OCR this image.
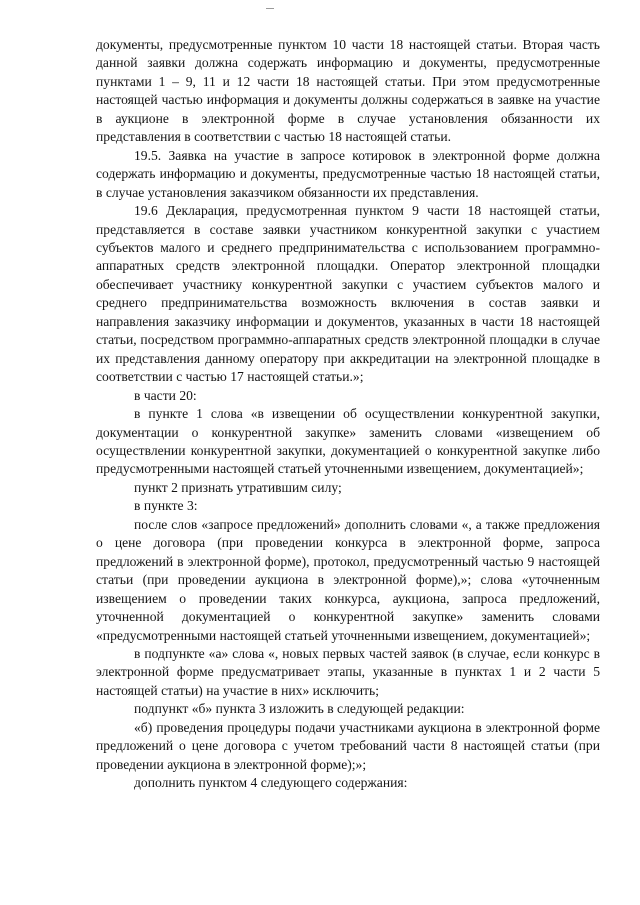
документы, предусмотренные пунктом 10 части 18 настоящей статьи. Вторая часть данной заявки должна содержать информацию и документы, предусмотренные пунктами 1 – 9, 11 и 12 части 18 настоящей статьи. При этом предусмотренные настоящей частью информация и документы должны содержаться в заявке на участие в аукционе в электронной форме в случае установления обязанности их представления в соответствии с частью 18 настоящей статьи.

19.5. Заявка на участие в запросе котировок в электронной форме должна содержать информацию и документы, предусмотренные частью 18 настоящей статьи, в случае установления заказчиком обязанности их представления.

19.6 Декларация, предусмотренная пунктом 9 части 18 настоящей статьи, представляется в составе заявки участником конкурентной закупки с участием субъектов малого и среднего предпринимательства с использованием программно-аппаратных средств электронной площадки. Оператор электронной площадки обеспечивает участнику конкурентной закупки с участием субъектов малого и среднего предпринимательства возможность включения в состав заявки и направления заказчику информации и документов, указанных в части 18 настоящей статьи, посредством программно-аппаратных средств электронной площадки в случае их представления данному оператору при аккредитации на электронной площадке в соответствии с частью 17 настоящей статьи.»;

в части 20:

в пункте 1 слова «в извещении об осуществлении конкурентной закупки, документации о конкурентной закупке» заменить словами «извещением об осуществлении конкурентной закупки, документацией о конкурентной закупке либо предусмотренными настоящей статьей уточненными извещением, документацией»;

пункт 2 признать утратившим силу;

в пункте 3:

после слов «запросе предложений» дополнить словами «, а также предложения о цене договора (при проведении конкурса в электронной форме, запроса предложений в электронной форме), протокол, предусмотренный частью 9 настоящей статьи (при проведении аукциона в электронной форме),»; слова «уточненным извещением о проведении таких конкурса, аукциона, запроса предложений, уточненной документацией о конкурентной закупке» заменить словами «предусмотренными настоящей статьей уточненными извещением, документацией»;

в подпункте «а» слова «, новых первых частей заявок (в случае, если конкурс в электронной форме предусматривает этапы, указанные в пунктах 1 и 2 части 5 настоящей статьи) на участие в них» исключить;

подпункт «б» пункта 3 изложить в следующей редакции:

«б) проведения процедуры подачи участниками аукциона в электронной форме предложений о цене договора с учетом требований части 8 настоящей статьи (при проведении аукциона в электронной форме);»;

дополнить пунктом 4 следующего содержания:
